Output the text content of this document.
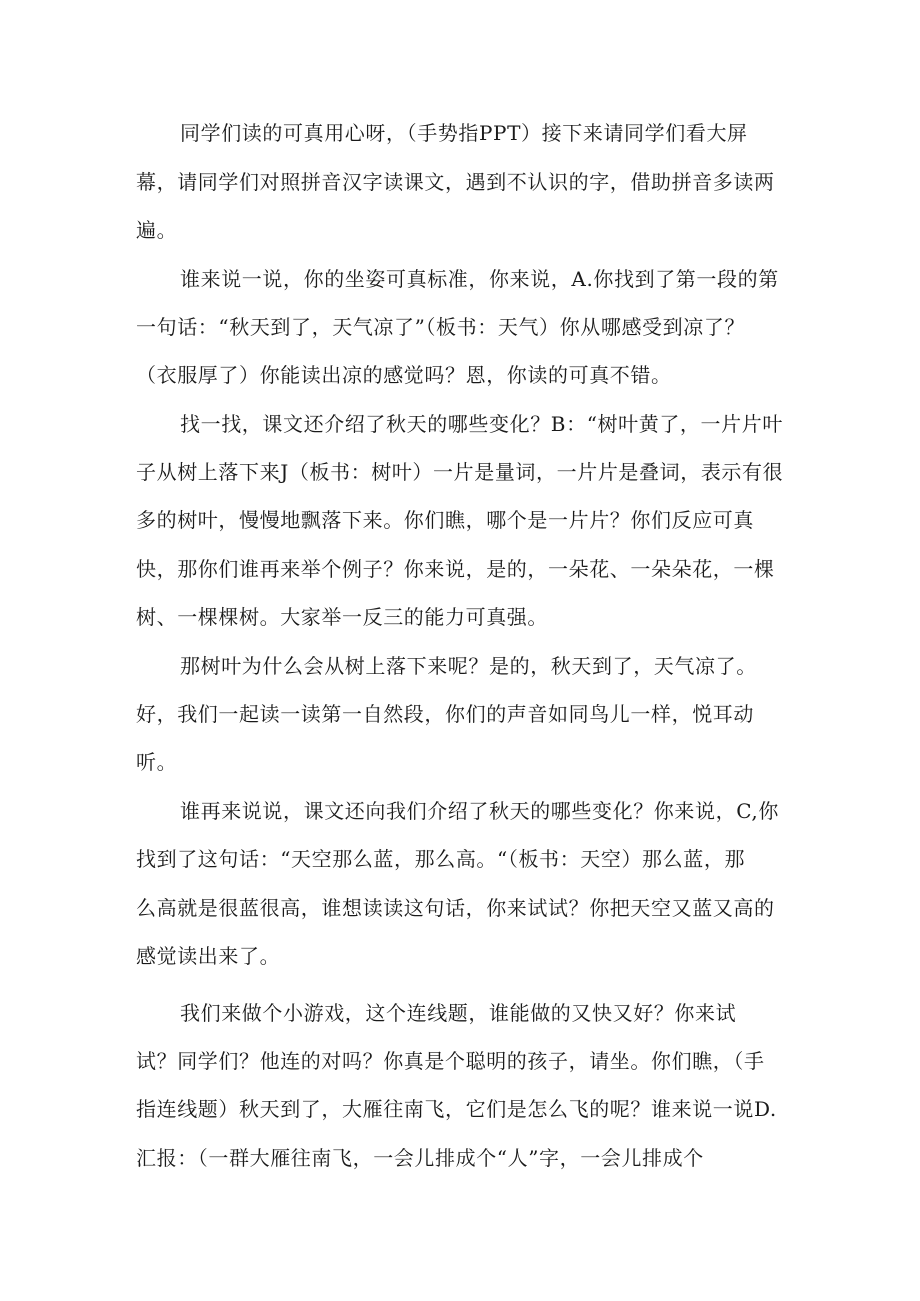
同学们读的可真用心呀，（手势指PPT）接下来请同学们看大屏
幕，请同学们对照拼音汉字读课文，遇到不认识的字，借助拼音多读两
遍。
谁来说一说，你的坐姿可真标准，你来说，A.你找到了第一段的第
一句话：“秋天到了，天气凉了”（板书：天气）你从哪感受到凉了？
（衣服厚了）你能读出凉的感觉吗？恩，你读的可真不错。
找一找，课文还介绍了秋天的哪些变化？B：“树叶黄了，一片片叶
子从树上落下来J（板书：树叶）一片是量词，一片片是叠词，表示有很
多的树叶，慢慢地飘落下来。你们瞧，哪个是一片片？你们反应可真
快，那你们谁再来举个例子？你来说，是的，一朵花、一朵朵花，一棵
树、一棵棵树。大家举一反三的能力可真强。
那树叶为什么会从树上落下来呢？是的，秋天到了，天气凉了。
好，我们一起读一读第一自然段，你们的声音如同鸟儿一样，悦耳动
听。
谁再来说说，课文还向我们介绍了秋天的哪些变化？你来说，C,你
找到了这句话：“天空那么蓝，那么高。“（板书：天空）那么蓝，那
么高就是很蓝很高，谁想读读这句话，你来试试？你把天空又蓝又高的
感觉读出来了。
我们来做个小游戏，这个连线题，谁能做的又快又好？你来试
试？同学们？他连的对吗？你真是个聪明的孩子，请坐。你们瞧，（手
指连线题）秋天到了，大雁往南飞，它们是怎么飞的呢？谁来说一说D.
汇报：（一群大雁往南飞，一会儿排成个“人”字，一会儿排成个
